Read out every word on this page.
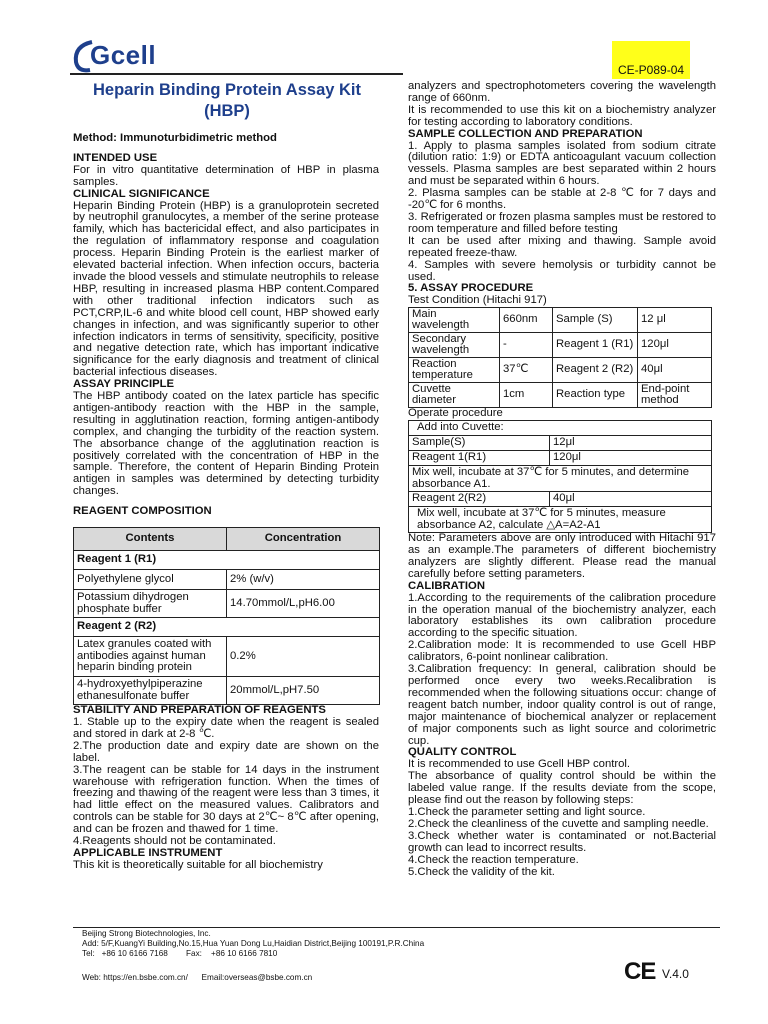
Gcell	CE-P089-04
Heparin Binding Protein Assay Kit
(HBP)

Method: Immunoturbidimetric method

INTENDED USE

For in vitro quantitative determination of HBP in plasma samples.

CLINICAL SIGNIFICANCE

Heparin Binding Protein (HBP) is a granuloprotein secreted by neutrophil granulocytes, a member of the serine protease family, which has bactericidal effect, and also participates in the regulation of inflammatory response and coagulation process. Heparin Binding Protein is the earliest marker of elevated bacterial infection. When infection occurs, bacteria invade the blood vessels and stimulate neutrophils to release HBP, resulting in increased plasma HBP content.Compared with other traditional infection indicators such as PCT,CRP,IL-6 and white blood cell count, HBP showed early changes in infection, and was significantly superior to other infection indicators in terms of sensitivity, specificity, positive and negative detection rate, which has important indicative significance for the early diagnosis and treatment of clinical bacterial infectious diseases.

ASSAY PRINCIPLE

The HBP antibody coated on the latex particle has specific antigen-antibody reaction with the HBP in the sample, resulting in agglutination reaction, forming antigen-antibody complex, and changing the turbidity of the reaction system. The absorbance change of the agglutination reaction is positively correlated with the concentration of HBP in the sample. Therefore, the content of Heparin Binding Protein antigen in samples was determined by detecting turbidity changes.

REAGENT COMPOSITION

Contents	Concentration
Reagent 1 (R1)	
Polyethylene glycol	2% (w/v)
Potassium dihydrogen phosphate buffer	14.70mmol/L,pH6.00
Reagent 2 (R2)	
Latex granules coated with antibodies against human heparin binding protein	0.2%
4-hydroxyethylpiperazine ethanesulfonate buffer	20mmol/L,pH7.50

STABILITY AND PREPARATION OF REAGENTS

1. Stable up to the expiry date when the reagent is sealed and stored in dark at 2-8 ℃.

2.The production date and expiry date are shown on the label.

3.The reagent can be stable for 14 days in the instrument warehouse with refrigeration function. When the times of freezing and thawing of the reagent were less than 3 times, it had little effect on the measured values. Calibrators and controls can be stable for 30 days at 2℃~ 8℃ after opening, and can be frozen and thawed for 1 time.

4.Reagents should not be contaminated.

APPLICABLE INSTRUMENT

This kit is theoretically suitable for all biochemistry

analyzers and spectrophotometers covering the wavelength range of 660nm.

It is recommended to use this kit on a biochemistry analyzer for testing according to laboratory conditions.

SAMPLE COLLECTION AND PREPARATION

1. Apply to plasma samples isolated from sodium citrate (dilution ratio: 1:9) or EDTA anticoagulant vacuum collection vessels. Plasma samples are best separated within 2 hours and must be separated within 6 hours.

2. Plasma samples can be stable at 2-8 ℃ for 7 days and -20℃ for 6 months.

3. Refrigerated or frozen plasma samples must be restored to room temperature and filled before testing

It can be used after mixing and thawing. Sample avoid repeated freeze-thaw.

4. Samples with severe hemolysis or turbidity cannot be used.

5. ASSAY PROCEDURE

Test Condition (Hitachi 917)

Main wavelength	660nm	Sample (S)	12 μl
Secondary wavelength	-	Reagent 1 (R1)	120μl
Reaction temperature	37℃	Reagent 2 (R2)	40μl
Cuvette diameter	1cm	Reaction type	End-point method

Operate procedure

Add into Cuvette:	
Sample(S)	12μl
Reagent 1(R1)	120μl
Mix well, incubate at 37℃ for 5 minutes, and determine absorbance A1.	
Reagent 2(R2)	40μl
Mix well, incubate at 37℃ for 5 minutes, measure absorbance A2, calculate △A=A2-A1	

Note: Parameters above are only introduced with Hitachi 917 as an example.The parameters of different biochemistry analyzers are slightly different. Please read the manual carefully before setting parameters.

CALIBRATION

1.According to the requirements of the calibration procedure in the operation manual of the biochemistry analyzer, each laboratory establishes its own calibration procedure according to the specific situation.

2.Calibration mode: It is recommended to use Gcell HBP calibrators, 6-point nonlinear calibration.

3.Calibration frequency: In general, calibration should be performed once every two weeks.Recalibration is recommended when the following situations occur: change of reagent batch number, indoor quality control is out of range, major maintenance of biochemical analyzer or replacement of major components such as light source and colorimetric cup.

QUALITY CONTROL

It is recommended to use Gcell HBP control.

The absorbance of quality control should be within the labeled value range. If the results deviate from the scope, please find out the reason by following steps:

1.Check the parameter setting and light source.

2.Check the cleanliness of the cuvette and sampling needle.

3.Check whether water is contaminated or not.Bacterial growth can lead to incorrect results.

4.Check the reaction temperature.

5.Check the validity of the kit.

Beijing Strong Biotechnologies, Inc.
Add: 5/F,KuangYi Building,No.15,Hua Yuan Dong Lu,Haidian District,Beijing 100191,P.R.China
Tel:   +86 10 6166 7168        Fax:    +86 10 6166 7810
Web: https://en.bsbe.com.cn/      Email:overseas@bsbe.com.cn	CE V.4.0
